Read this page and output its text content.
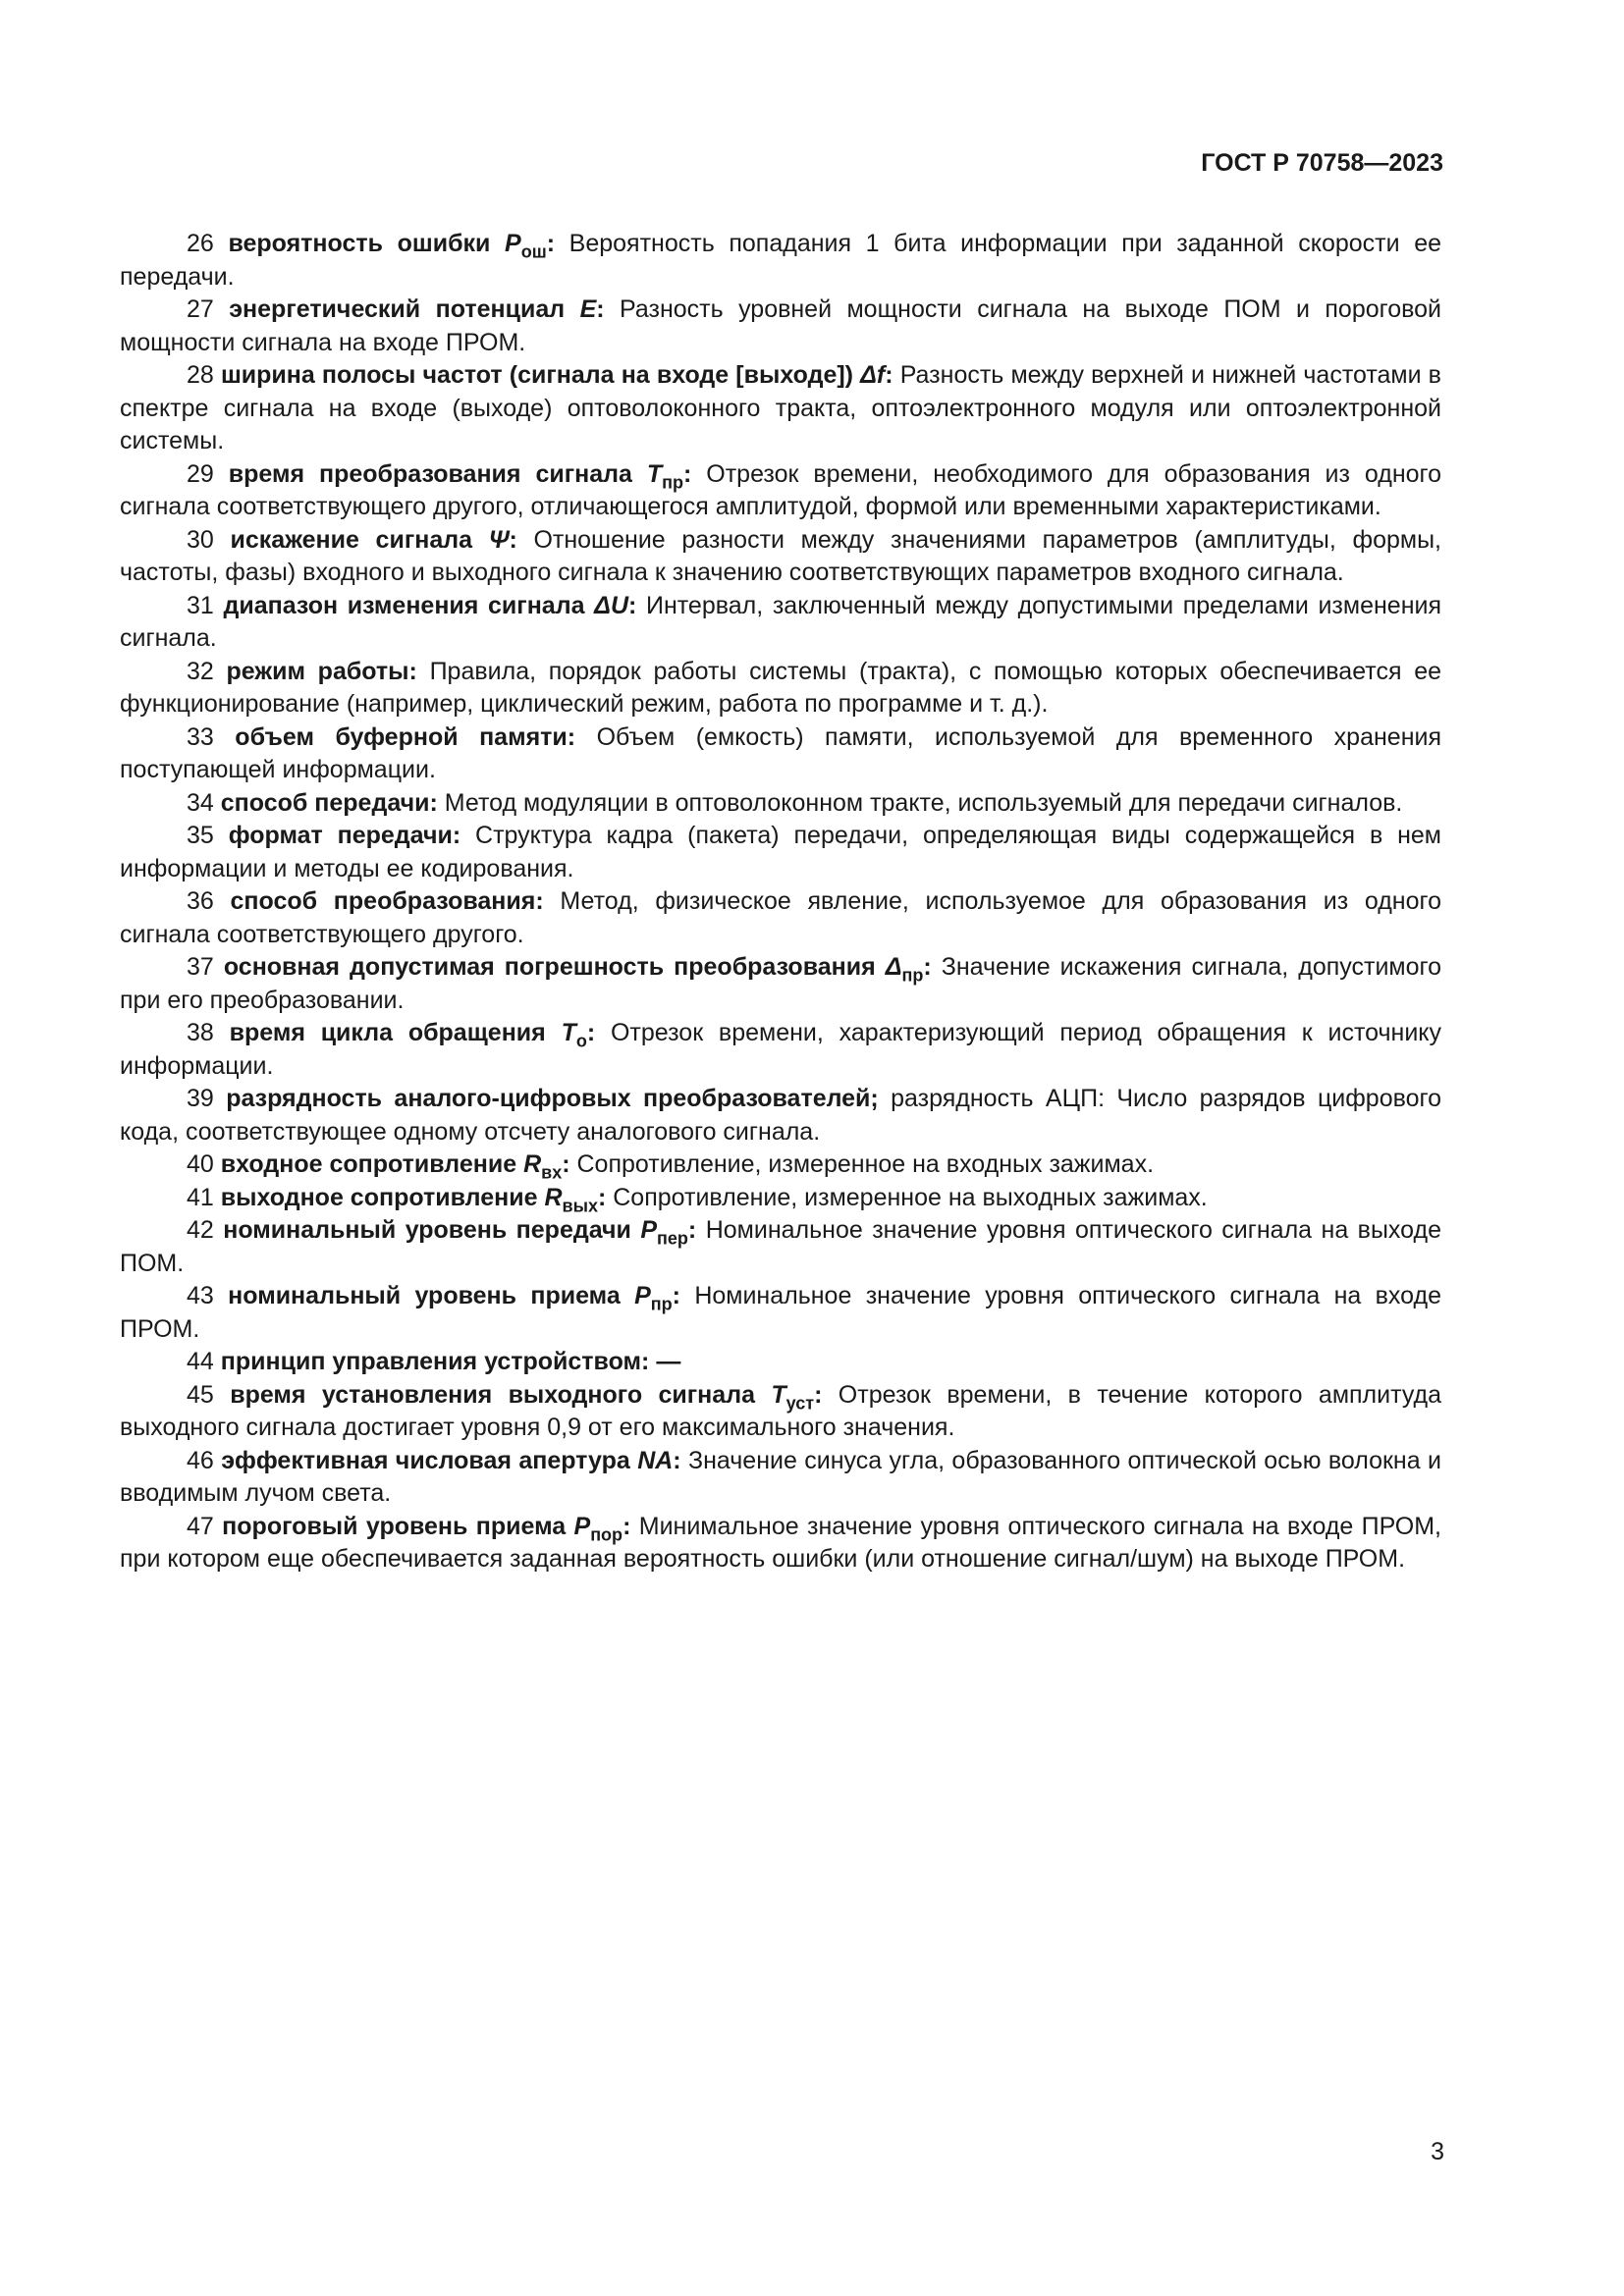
ГОСТ Р 70758—2023

26 вероятность ошибки $P_{ош}$: Вероятность попадания 1 бита информации при заданной скорости ее передачи.

27 энергетический потенциал E: Разность уровней мощности сигнала на выходе ПОМ и пороговой мощности сигнала на входе ПРОМ.

28 ширина полосы частот (сигнала на входе [выходе]) Δf: Разность между верхней и нижней частотами в спектре сигнала на входе (выходе) оптоволоконного тракта, оптоэлектронного модуля или оптоэлектронной системы.

29 время преобразования сигнала $T_{пр}$: Отрезок времени, необходимого для образования из одного сигнала соответствующего другого, отличающегося амплитудой, формой или временными характеристиками.

30 искажение сигнала Ψ: Отношение разности между значениями параметров (амплитуды, формы, частоты, фазы) входного и выходного сигнала к значению соответствующих параметров входного сигнала.

31 диапазон изменения сигнала ΔU: Интервал, заключенный между допустимыми пределами изменения сигнала.

32 режим работы: Правила, порядок работы системы (тракта), с помощью которых обеспечивается ее функционирование (например, циклический режим, работа по программе и т. д.).

33 объем буферной памяти: Объем (емкость) памяти, используемой для временного хранения поступающей информации.

34 способ передачи: Метод модуляции в оптоволоконном тракте, используемый для передачи сигналов.

35 формат передачи: Структура кадра (пакета) передачи, определяющая виды содержащейся в нем информации и методы ее кодирования.

36 способ преобразования: Метод, физическое явление, используемое для образования из одного сигнала соответствующего другого.

37 основная допустимая погрешность преобразования $\Delta_{пр}$: Значение искажения сигнала, допустимого при его преобразовании.

38 время цикла обращения $T_о$: Отрезок времени, характеризующий период обращения к источнику информации.

39 разрядность аналого-цифровых преобразователей; разрядность АЦП: Число разрядов цифрового кода, соответствующее одному отсчету аналогового сигнала.

40 входное сопротивление $R_{вх}$: Сопротивление, измеренное на входных зажимах.

41 выходное сопротивление $R_{вых}$: Сопротивление, измеренное на выходных зажимах.

42 номинальный уровень передачи $P_{пер}$: Номинальное значение уровня оптического сигнала на выходе ПОМ.

43 номинальный уровень приема $P_{пр}$: Номинальное значение уровня оптического сигнала на входе ПРОМ.

44 принцип управления устройством: —

45 время установления выходного сигнала $T_{уст}$: Отрезок времени, в течение которого амплитуда выходного сигнала достигает уровня 0,9 от его максимального значения.

46 эффективная числовая апертура NA: Значение синуса угла, образованного оптической осью волокна и вводимым лучом света.

47 пороговый уровень приема $P_{пор}$: Минимальное значение уровня оптического сигнала на входе ПРОМ, при котором еще обеспечивается заданная вероятность ошибки (или отношение сигнал/шум) на выходе ПРОМ.

3
